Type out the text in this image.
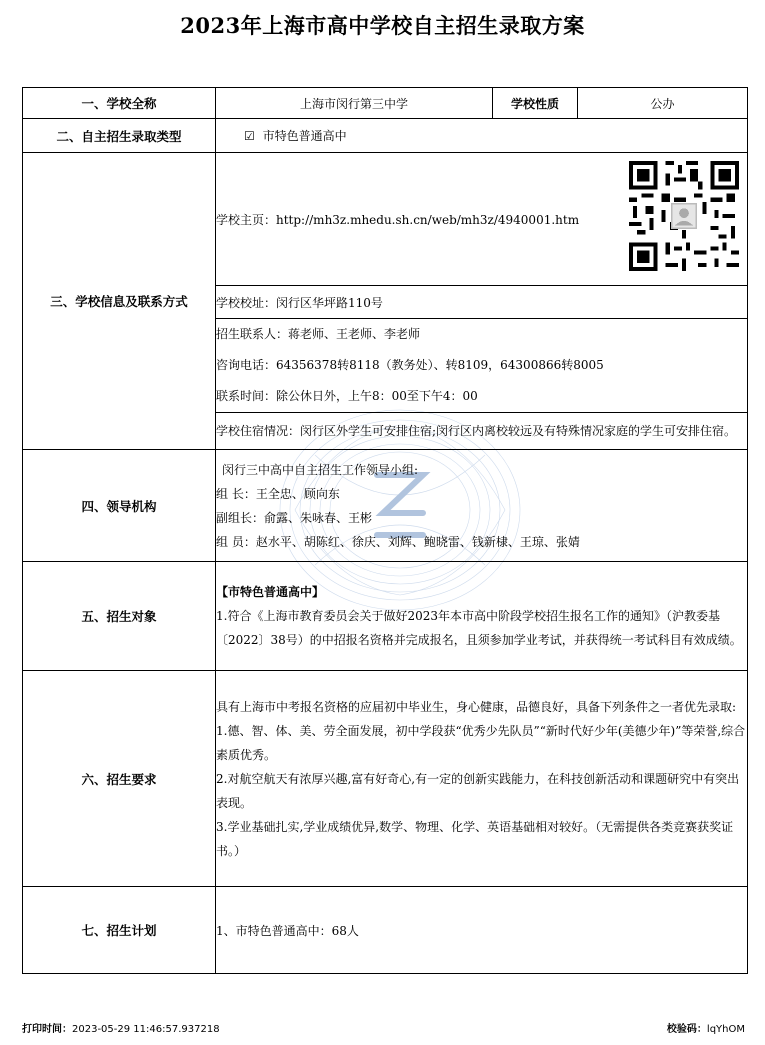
2023年上海市高中学校自主招生录取方案
一、学校全称	上海市闵行第三中学	学校性质	公办
二、自主招生录取类型	☑ 市特色普通高中		
三、学校信息及联系方式	学校主页：http://mh3z.mhedu.sh.cn/web/mh3z/4940001.htm		

	学校校址：闵行区华坪路110号		

	招生联系人：蒋老师、王老师、李老师
咨询电话：64356378转8118（教务处）、转8109，64300866转8005
联系时间：除公休日外，上午8：00至下午4：00		

	学校住宿情况：闵行区外学生可安排住宿;闵行区内离校较远及有特殊情况家庭的学生可安排住宿。		
四、领导机构	闵行三中高中自主招生工作领导小组:
组 长：王全忠、顾向东
副组长：俞露、朱咏春、王彬
组 员：赵水平、胡陈红、徐庆、刘辉、鲍晓雷、钱新棣、王琼、张婧		

五、招生对象	【市特色普通高中】
1.符合《上海市教育委员会关于做好2023年本市高中阶段学校招生报名工作的通知》（沪教委基〔2022〕38号）的中招报名资格并完成报名，且须参加学业考试，并获得统一考试科目有效成绩。		

六、招生要求	具有上海市中考报名资格的应届初中毕业生，身心健康，品德良好，具备下列条件之一者优先录取:
1.德、智、体、美、劳全面发展，初中学段获“优秀少先队员”“新时代好少年(美德少年)”等荣誉,综合素质优秀。
2.对航空航天有浓厚兴趣,富有好奇心,有一定的创新实践能力，在科技创新活动和课题研究中有突出表现。
3.学业基础扎实,学业成绩优异,数学、物理、化学、英语基础相对较好。（无需提供各类竞赛获奖证书。）		

七、招生计划	1、市特色普通高中：68人		
打印时间：2023-05-29 11:46:57.937218	校验码：lqYhOM
